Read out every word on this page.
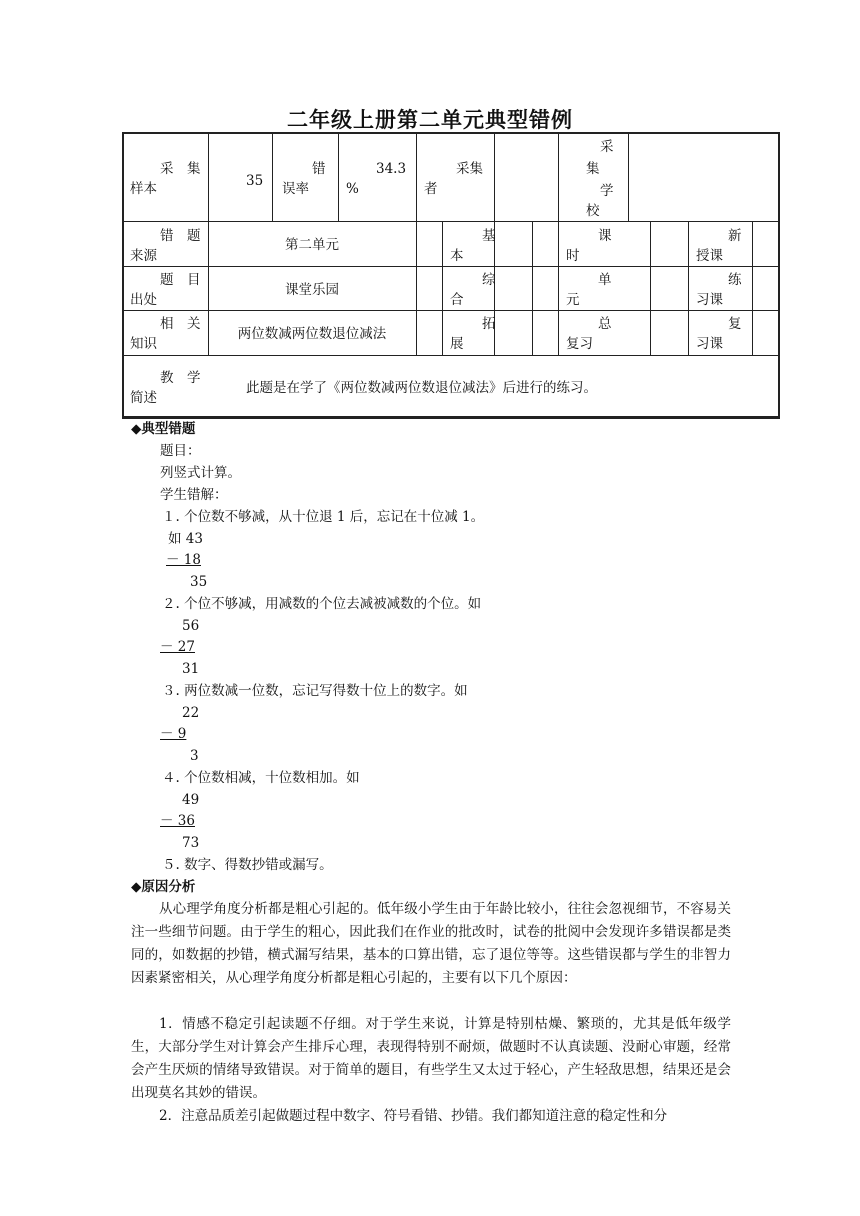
二年级上册第二单元典型错例
采　集
样本	35
错
误率
34.3
%
采集
者
采
集
学
校
错　题
来源
第二单元
基
本
课
时
新
授课
题　目
出处
课堂乐园
综
合
单
元
练
习课
相　关
知识
两位数减两位数退位减法
拓
展
总
复习
复
习课
教　学
简述
此题是在学了《两位数减两位数退位减法》后进行的练习。
◆典型错题
题目：
列竖式计算。
学生错解：
１. 个位数不够减，从十位退 1 后，忘记在十位减 1。
如 43
－ 18
35
２. 个位不够减，用减数的个位去减被减数的个位。如
56
－ 27
31
３. 两位数减一位数，忘记写得数十位上的数字。如
22
－ 9
3
４. 个位数相减，十位数相加。如
49
－ 36
73
５. 数字、得数抄错或漏写。
◆原因分析
从心理学角度分析都是粗心引起的。低年级小学生由于年龄比较小，往往会忽视细节，不容易关注一些细节问题。由于学生的粗心，因此我们在作业的批改时，试卷的批阅中会发现许多错误都是类同的，如数据的抄错，横式漏写结果，基本的口算出错，忘了退位等等。这些错误都与学生的非智力因素紧密相关，从心理学角度分析都是粗心引起的，主要有以下几个原因：
1．情感不稳定引起读题不仔细。对于学生来说，计算是特别枯燥、繁琐的，尤其是低年级学生，大部分学生对计算会产生排斥心理，表现得特别不耐烦，做题时不认真读题、没耐心审题，经常会产生厌烦的情绪导致错误。对于简单的题目，有些学生又太过于轻心，产生轻敌思想，结果还是会出现莫名其妙的错误。
2．注意品质差引起做题过程中数字、符号看错、抄错。我们都知道注意的稳定性和分
